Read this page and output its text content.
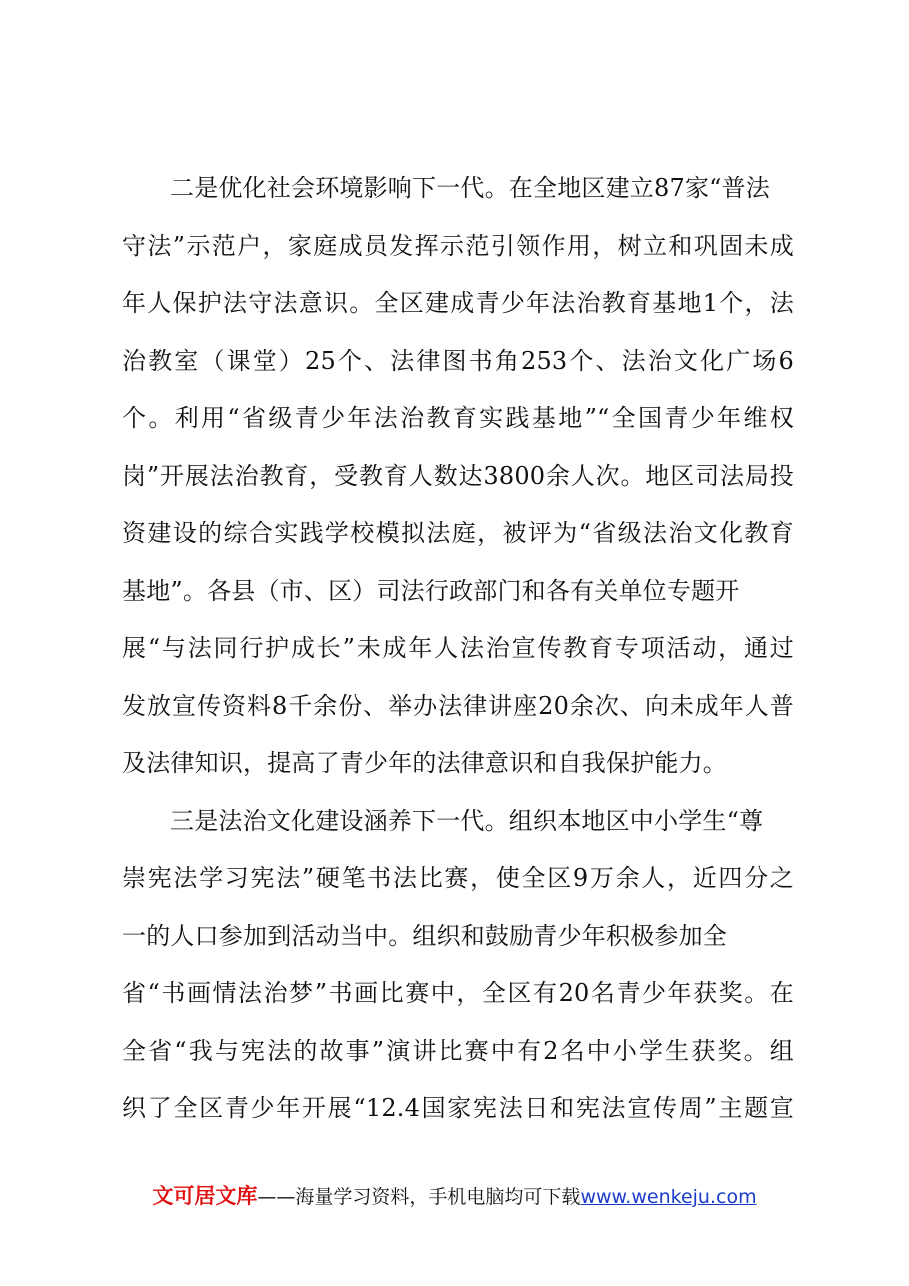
二是优化社会环境影响下一代。在全地区建立87家“普法
守法”示范户，家庭成员发挥示范引领作用，树立和巩固未成
年人保护法守法意识。全区建成青少年法治教育基地1个，法
治教室（课堂）25个、法律图书角253个、法治文化广场6
个。利用“省级青少年法治教育实践基地”“全国青少年维权
岗”开展法治教育，受教育人数达3800余人次。地区司法局投
资建设的综合实践学校模拟法庭，被评为“省级法治文化教育
基地”。各县（市、区）司法行政部门和各有关单位专题开
展“与法同行护成长”未成年人法治宣传教育专项活动，通过
发放宣传资料8千余份、举办法律讲座20余次、向未成年人普
及法律知识，提高了青少年的法律意识和自我保护能力。
三是法治文化建设涵养下一代。组织本地区中小学生“尊
崇宪法学习宪法”硬笔书法比赛，使全区9万余人，近四分之
一的人口参加到活动当中。组织和鼓励青少年积极参加全
省“书画情法治梦”书画比赛中，全区有20名青少年获奖。在
全省“我与宪法的故事”演讲比赛中有2名中小学生获奖。组
织了全区青少年开展“12.4国家宪法日和宪法宣传周”主题宣
文可居文库——海量学习资料，手机电脑均可下载www.wenkeju.com
